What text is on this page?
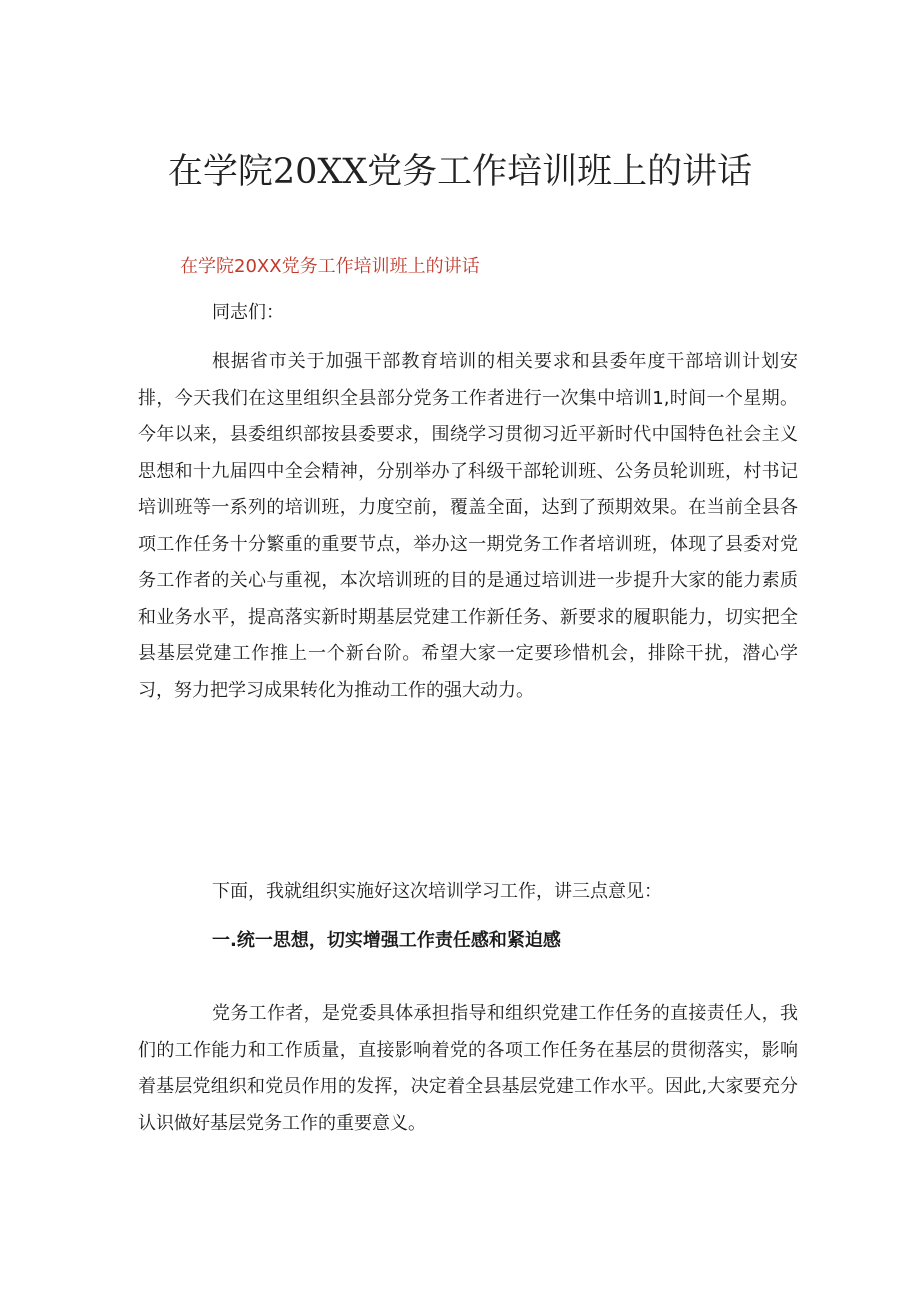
在学院20XX党务工作培训班上的讲话
在学院20XX党务工作培训班上的讲话
同志们：
根据省市关于加强干部教育培训的相关要求和县委年度干部培训计划安排，今天我们在这里组织全县部分党务工作者进行一次集中培训1,时间一个星期。今年以来，县委组织部按县委要求，围绕学习贯彻习近平新时代中国特色社会主义思想和十九届四中全会精神，分别举办了科级干部轮训班、公务员轮训班，村书记培训班等一系列的培训班，力度空前，覆盖全面，达到了预期效果。在当前全县各项工作任务十分繁重的重要节点，举办这一期党务工作者培训班，体现了县委对党务工作者的关心与重视，本次培训班的目的是通过培训进一步提升大家的能力素质和业务水平，提高落实新时期基层党建工作新任务、新要求的履职能力，切实把全县基层党建工作推上一个新台阶。希望大家一定要珍惜机会，排除干扰，潜心学习，努力把学习成果转化为推动工作的强大动力。
下面，我就组织实施好这次培训学习工作，讲三点意见：
一.统一思想，切实增强工作责任感和紧迫感
党务工作者，是党委具体承担指导和组织党建工作任务的直接责任人，我们的工作能力和工作质量，直接影响着党的各项工作任务在基层的贯彻落实，影响着基层党组织和党员作用的发挥，决定着全县基层党建工作水平。因此,大家要充分认识做好基层党务工作的重要意义。
